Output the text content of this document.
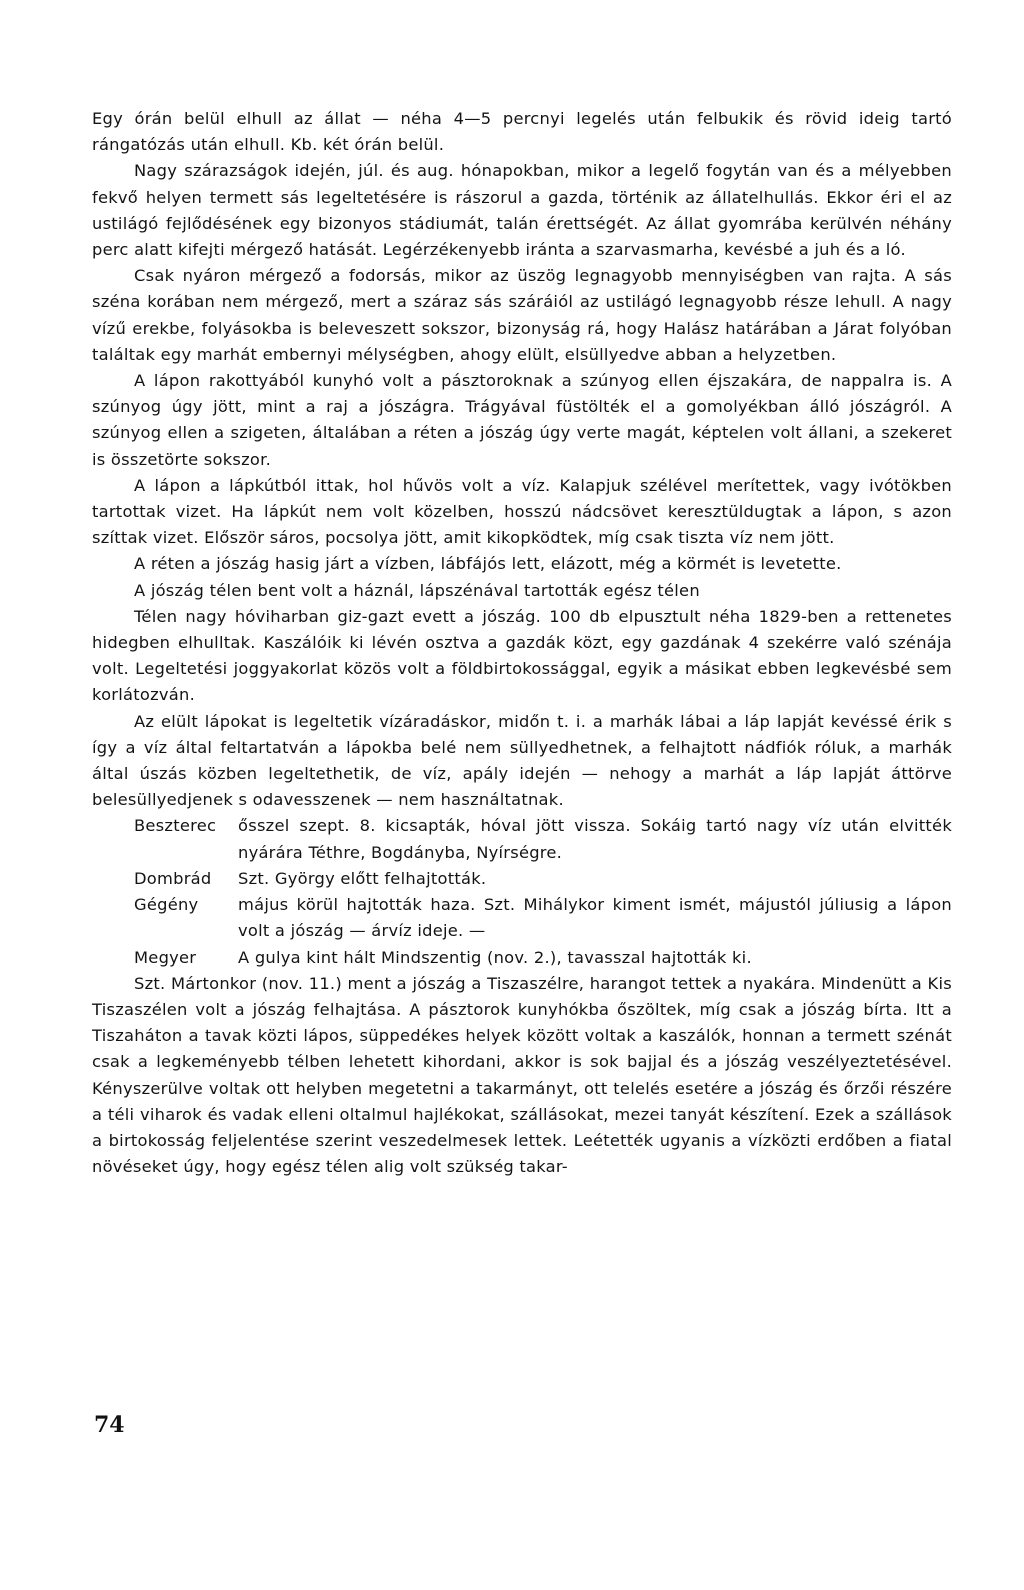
Egy órán belül elhull az állat — néha 4—5 percnyi legelés után felbukik és rövid ideig tartó rángatózás után elhull. Kb. két órán belül.

Nagy szárazságok idején, júl. és aug. hónapokban, mikor a legelő fogytán van és a mélyebben fekvő helyen termett sás legeltetésére is rászorul a gazda, történik az állatelhullás. Ekkor éri el az ustilágó fejlődésének egy bizonyos stádiumát, talán érettségét. Az állat gyomrába kerülvén néhány perc alatt kifejti mérgező hatását. Legérzékenyebb iránta a szarvasmarha, kevésbé a juh és a ló.

Csak nyáron mérgező a fodorsás, mikor az üszög legnagyobb mennyiségben van rajta. A sás széna korában nem mérgező, mert a száraz sás száráiól az ustilágó legnagyobb része lehull. A nagy vízű erekbe, folyásokba is beleveszett sokszor, bizonyság rá, hogy Halász határában a Járat folyóban találtak egy marhát embernyi mélységben, ahogy elült, elsüllyedve abban a helyzetben.

A lápon rakottyából kunyhó volt a pásztoroknak a szúnyog ellen éjszakára, de nappalra is. A szúnyog úgy jött, mint a raj a jószágra. Trágyával füstölték el a gomolyékban álló jószágról. A szúnyog ellen a szigeten, általában a réten a jószág úgy verte magát, képtelen volt állani, a szekeret is összetörte sokszor.

A lápon a lápkútból ittak, hol hűvös volt a víz. Kalapjuk szélével merítettek, vagy ivótökben tartottak vizet. Ha lápkút nem volt közelben, hosszú nádcsövet keresztüldugtak a lápon, s azon szíttak vizet. Először sáros, pocsolya jött, amit kikopködtek, míg csak tiszta víz nem jött.

A réten a jószág hasig járt a vízben, lábfájós lett, elázott, még a körmét is levetette.

A jószág télen bent volt a háznál, lápszénával tartották egész télen

Télen nagy hóviharban giz-gazt evett a jószág. 100 db elpusztult néha 1829-ben a rettenetes hidegben elhulltak. Kaszálóik ki lévén osztva a gazdák közt, egy gazdának 4 szekérre való szénája volt. Legeltetési joggyakorlat közös volt a földbirtokossággal, egyik a másikat ebben legkevésbé sem korlátozván.

Az elült lápokat is legeltetik vízáradáskor, midőn t. i. a marhák lábai a láp lapját kevéssé érik s így a víz által feltartatván a lápokba belé nem süllyedhetnek, a felhajtott nádfiók róluk, a marhák által úszás közben legeltethetik, de víz, apály idején — nehogy a marhát a láp lapját áttörve belesüllyedjenek s odavesszenek — nem használtatnak.

Beszterec	ősszel szept. 8. kicsapták, hóval jött vissza. Sokáig tartó nagy víz után elvitték nyárára Téthre, Bogdányba, Nyírségre.
Dombrád	Szt. György előtt felhajtották.
Gégény	május körül hajtották haza. Szt. Mihálykor kiment ismét, májustól júliusig a lápon volt a jószág — árvíz ideje. —
Megyer	A gulya kint hált Mindszentig (nov. 2.), tavasszal hajtották ki.

Szt. Mártonkor (nov. 11.) ment a jószág a Tiszaszélre, harangot tettek a nyakára. Mindenütt a Kis Tiszaszélen volt a jószág felhajtása. A pásztorok kunyhókba őszöltek, míg csak a jószág bírta. Itt a Tiszaháton a tavak közti lápos, süppedékes helyek között voltak a kaszálók, honnan a termett szénát csak a legkeményebb télben lehetett kihordani, akkor is sok bajjal és a jószág veszélyeztetésével. Kényszerülve voltak ott helyben megetetni a takarmányt, ott telelés esetére a jószág és őrzői részére a téli viharok és vadak elleni oltalmul hajlékokat, szállásokat, mezei tanyát készítení. Ezek a szállások a birtokosság feljelentése szerint veszedelmesek lettek. Leétették ugyanis a vízközti erdőben a fiatal növéseket úgy, hogy egész télen alig volt szükség takar-

74
